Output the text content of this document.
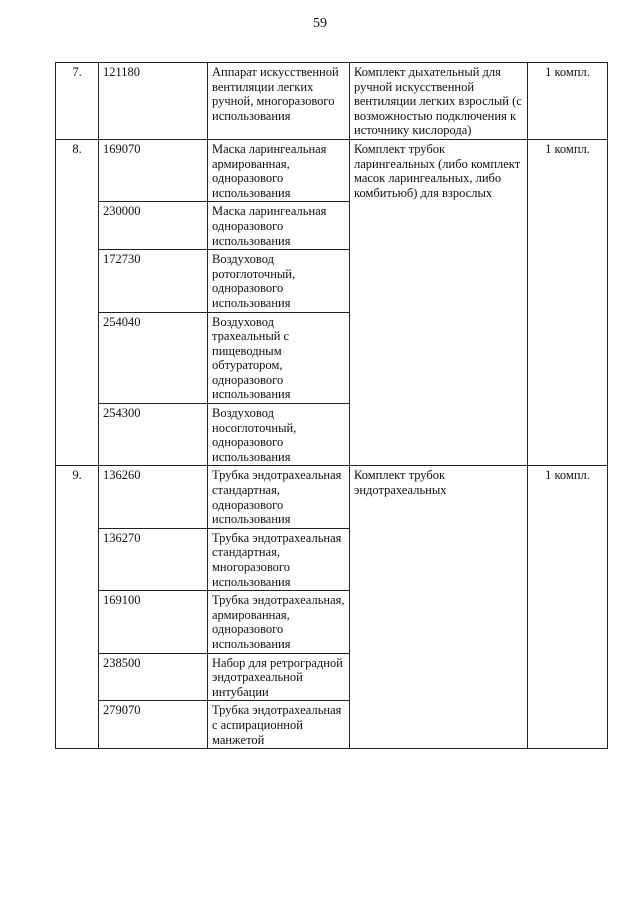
59
7.	121180	Аппарат искусственной вентиляции легких ручной, многоразового использования	Комплект дыхательный для ручной искусственной вентиляции легких взрослый (с возможностью подключения к источнику кислорода)	1 компл.
8.	169070	Маска ларингеальная армированная, одноразового использования	Комплект трубок ларингеальных (либо комплект масок ларингеальных, либо комбитьюб) для взрослых	1 компл.
	230000	Маска ларингеальная одноразового использования		
	172730	Воздуховод ротоглоточный, одноразового использования		
	254040	Воздуховод трахеальный с пищеводным обтуратором, одноразового использования		
	254300	Воздуховод носоглоточный, одноразового использования		
9.	136260	Трубка эндотрахеальная стандартная, одноразового использования	Комплект трубок эндотрахеальных	1 компл.
	136270	Трубка эндотрахеальная стандартная, многоразового использования		
	169100	Трубка эндотрахеальная, армированная, одноразового использования		
	238500	Набор для ретроградной эндотрахеальной интубации		
	279070	Трубка эндотрахеальная с аспирационной манжетой		
